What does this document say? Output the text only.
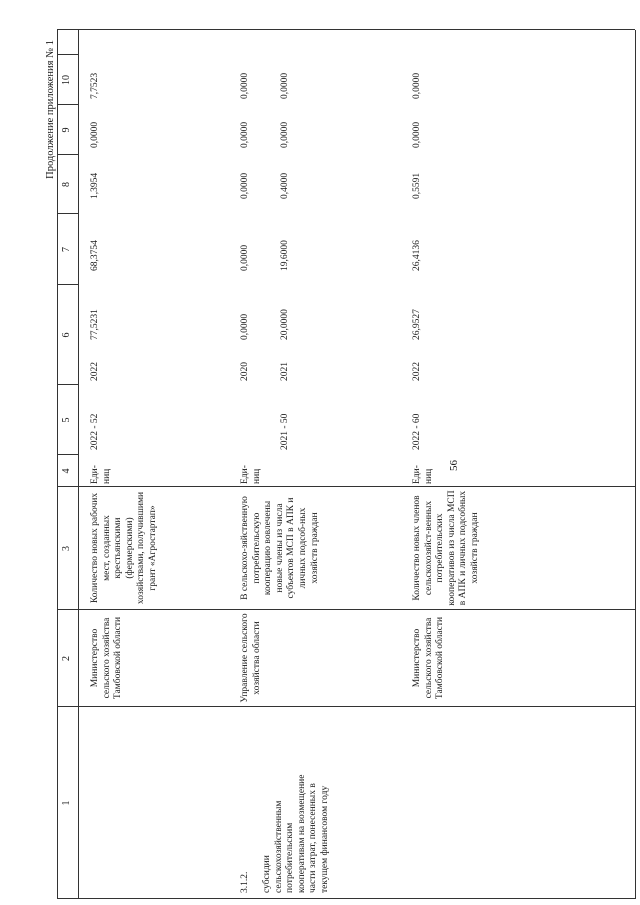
56
Продолжение приложения № 1
1
2
3
4
5
6
7
8
9
10
Министерство сельского хозяйства Тамбовской области
Количество новых рабочих мест, созданных крестьянскими (фермерскими) хозяйствами, получившими грант «Агростартап»
Еди-ниц
2022 - 52
2022
77,5231
68,3754
1,3954
0,0000
7,7523
3.1.2. субсидии сельскохозяйственным потребительским кооперативам на возмещение части затрат, понесенных в текущем финансовом году
Управление сельского хозяйства области
В сельскохо-зяйственную потребительскую кооперацию вовлечены новые члены из числа субъектов МСП в АПК и личных подсоб-ных хозяйств граждан
Еди-ниц
2021 - 50
2020
0,0000
0,0000
0,0000
0,0000
0,0000
2021
20,0000
19,6000
0,4000
0,0000
0,0000
Министерство сельского хозяйства Тамбовской области
Количество новых членов сельскохозяйст-венных потребительских кооперативов из числа МСП в АПК и личных подсобных хозяйств граждан
Еди-ниц
2022 - 60
2022
26,9527
26,4136
0,5591
0,0000
0,0000
